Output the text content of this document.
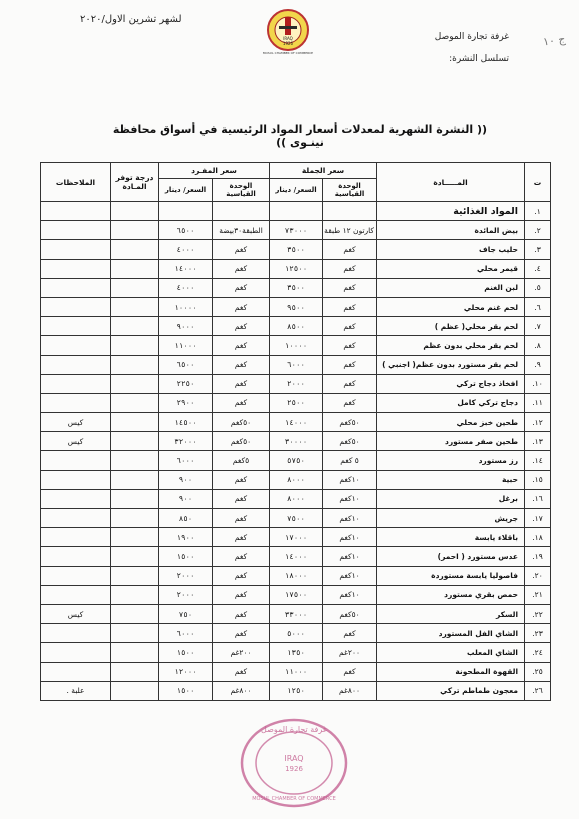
غرفة تجارة الموصل
تسلسل النشرة:
لشهر تشرين الاول/٢٠٢٠
ج ١٠
IRAQ
1926
MOSUL CHAMBER OF COMMERCE
(( النشرة الشهرية لمعدلات أسعار المواد الرئيسية في أسواق محافظة نينـوى ))
ت	المـــــادة	سعر الجملة		سعر المفـرد		درجة توفر المـادة	الملاحظات
		الوحدة القياسية	السعر/ دينار	الوحدة القياسية	السعر/ دينار		
١.	المواد الغذائية						
٢.	بيض المائدة	كارتون ١٢ طبقة	٧٣٠٠٠	الطبقة٣٠بيضة	٦٥٠٠		
٣.	حليب جاف	كغم	٣٥٠٠	كغم	٤٠٠٠		
٤.	قيمر محلي	كغم	١٢٥٠٠	كغم	١٤٠٠٠		
٥.	لبن الغنم	كغم	٣٥٠٠	كغم	٤٠٠٠		
٦.	لحم غنم محلي	كغم	٩٥٠٠	كغم	١٠٠٠٠		
٧.	لحم بقر محلي( عظم )	كغم	٨٥٠٠	كغم	٩٠٠٠		
٨.	لحم بقر محلي بدون عظم	كغم	١٠٠٠٠	كغم	١١٠٠٠		
٩.	لحم بقر مستورد بدون عظم( اجنبي )	كغم	٦٠٠٠	كغم	٦٥٠٠		
١٠.	افخاذ دجاج تركي	كغم	٢٠٠٠	كغم	٢٢٥٠		
١١.	دجاج تركي كامل	كغم	٢٥٠٠	كغم	٢٩٠٠		
١٢.	طحين خبز محلي	٥٠كغم	١٤٠٠٠	٥٠كغم	١٤٥٠٠		كيس
١٣.	طحين صفر مستورد	٥٠كغم	٣٠٠٠٠	٥٠كغم	٣٢٠٠٠		كيس
١٤.	رز مستورد	٥ كغم	٥٧٥٠	٥كغم	٦٠٠٠		
١٥.	حبية	١٠كغم	٨٠٠٠	كغم	٩٠٠		
١٦.	برغل	١٠كغم	٨٠٠٠	كغم	٩٠٠		
١٧.	جريش	١٠كغم	٧٥٠٠	كغم	٨٥٠		
١٨.	باقلاء يابسة	١٠كغم	١٧٠٠٠	كغم	١٩٠٠		
١٩.	عدس مستورد ( احمر)	١٠كغم	١٤٠٠٠	كغم	١٥٠٠		
٢٠.	فاصوليا يابسة مستوردة	١٠كغم	١٨٠٠٠	كغم	٢٠٠٠		
٢١.	حمص بقري مستورد	١٠كغم	١٧٥٠٠	كغم	٢٠٠٠		
٢٢.	السكر	٥٠كغم	٣٣٠٠٠	كغم	٧٥٠		كيس
٢٣.	الشاي الفل المستورد	كغم	٥٠٠٠	كغم	٦٠٠٠		
٢٤.	الشاي المعلب	٢٠٠غم	١٣٥٠	٢٠٠غم	١٥٠٠		
٢٥.	القهوة المطحونة	كغم	١١٠٠٠	كغم	١٢٠٠٠		
٢٦.	معجون طماطم تركي	٨٠٠غم	١٢٥٠	٨٠٠غم	١٥٠٠		علبة .
غرفة تجارة الموصل
IRAQ
1926
MOSUL CHAMBER OF COMMERCE
